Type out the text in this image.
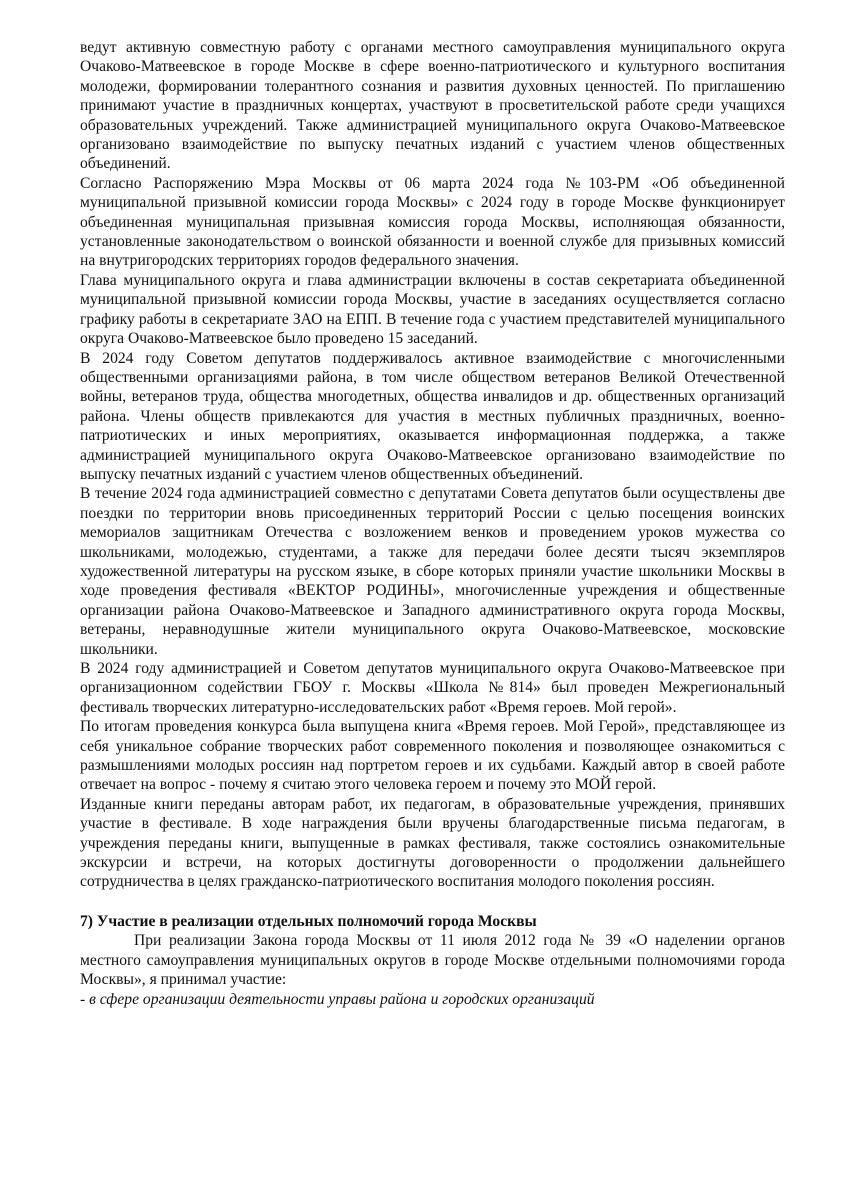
ведут активную совместную работу с органами местного самоуправления муниципального округа Очаково-Матвеевское в городе Москве в сфере военно-патриотического и культурного воспитания молодежи, формировании толерантного сознания и развития духовных ценностей. По приглашению принимают участие в праздничных концертах, участвуют в просветительской работе среди учащихся образовательных учреждений. Также администрацией муниципального округа Очаково-Матвеевское организовано взаимодействие по выпуску печатных изданий с участием членов общественных объединений.

Согласно Распоряжению Мэра Москвы от 06 марта 2024 года №103-РМ «Об объединенной муниципальной призывной комиссии города Москвы» с 2024 году в городе Москве функционирует объединенная муниципальная призывная комиссия города Москвы, исполняющая обязанности, установленные законодательством о воинской обязанности и военной службе для призывных комиссий на внутригородских территориях городов федерального значения.

Глава муниципального округа и глава администрации включены в состав секретариата объединенной муниципальной призывной комиссии города Москвы, участие в заседаниях осуществляется согласно графику работы в секретариате ЗАО на ЕПП. В течение года с участием представителей муниципального округа Очаково-Матвеевское было проведено 15 заседаний.

В 2024 году Советом депутатов поддерживалось активное взаимодействие с многочисленными общественными организациями района, в том числе обществом ветеранов Великой Отечественной войны, ветеранов труда, общества многодетных, общества инвалидов и др. общественных организаций района. Члены обществ привлекаются для участия в местных публичных праздничных, военно-патриотических и иных мероприятиях, оказывается информационная поддержка, а также администрацией муниципального округа Очаково-Матвеевское организовано взаимодействие по выпуску печатных изданий с участием членов общественных объединений.

В течение 2024 года администрацией совместно с депутатами Совета депутатов были осуществлены две поездки по территории вновь присоединенных территорий России с целью посещения воинских мемориалов защитникам Отечества с возложением венков и проведением уроков мужества со школьниками, молодежью, студентами, а также для передачи более десяти тысяч экземпляров художественной литературы на русском языке, в сборе которых приняли участие школьники Москвы в ходе проведения фестиваля «ВЕКТОР РОДИНЫ», многочисленные учреждения и общественные организации района Очаково-Матвеевское и Западного административного округа города Москвы, ветераны, неравнодушные жители муниципального округа Очаково-Матвеевское, московские школьники.

В 2024 году администрацией и Советом депутатов муниципального округа Очаково-Матвеевское при организационном содействии ГБОУ г. Москвы «Школа №814» был проведен Межрегиональный фестиваль творческих литературно-исследовательских работ «Время героев. Мой герой».

По итогам проведения конкурса была выпущена книга «Время героев. Мой Герой», представляющее из себя уникальное собрание творческих работ современного поколения и позволяющее ознакомиться с размышлениями молодых россиян над портретом героев и их судьбами. Каждый автор в своей работе отвечает на вопрос - почему я считаю этого человека героем и почему это МОЙ герой.

Изданные книги переданы авторам работ, их педагогам, в образовательные учреждения, принявших участие в фестивале. В ходе награждения были вручены благодарственные письма педагогам, в учреждения переданы книги, выпущенные в рамках фестиваля, также состоялись ознакомительные экскурсии и встречи, на которых достигнуты договоренности о продолжении дальнейшего сотрудничества в целях гражданско-патриотического воспитания молодого поколения россиян.

7) Участие в реализации отдельных полномочий города Москвы

При реализации Закона города Москвы от 11 июля 2012 года № 39 «О наделении органов местного самоуправления муниципальных округов в городе Москве отдельными полномочиями города Москвы», я принимал участие:

- в сфере организации деятельности управы района и городских организаций
